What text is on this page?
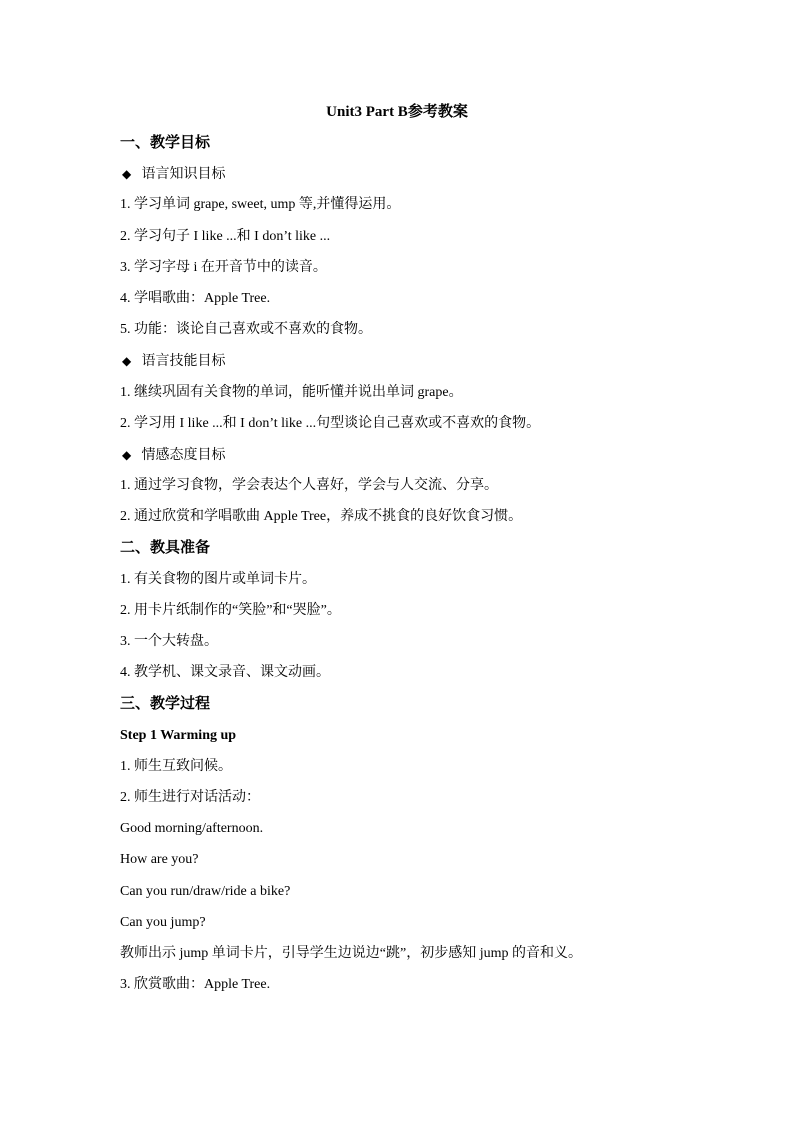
Unit3 Part B参考教案
一、教学目标
◆ 语言知识目标
1. 学习单词 grape, sweet, ump 等,并懂得运用。
2. 学习句子 I like ...和 I don’t like ...
3. 学习字母 i 在开音节中的读音。
4. 学唱歌曲：Apple Tree.
5. 功能：谈论自己喜欢或不喜欢的食物。
◆ 语言技能目标
1. 继续巩固有关食物的单词，能听懂并说出单词 grape。
2. 学习用 I like ...和 I don’t like ...句型谈论自己喜欢或不喜欢的食物。
◆ 情感态度目标
1. 通过学习食物，学会表达个人喜好，学会与人交流、分享。
2. 通过欣赏和学唱歌曲 Apple Tree，养成不挑食的良好饮食习惯。
二、教具准备
1. 有关食物的图片或单词卡片。
2. 用卡片纸制作的“笑脸”和“哭脸”。
3. 一个大转盘。
4. 教学机、课文录音、课文动画。
三、教学过程
Step 1 Warming up
1. 师生互致问候。
2. 师生进行对话活动：
Good morning/afternoon.
How are you?
Can you run/draw/ride a bike?
Can you jump?
教师出示 jump 单词卡片，引导学生边说边“跳”，初步感知 jump 的音和义。
3. 欣赏歌曲：Apple Tree.
